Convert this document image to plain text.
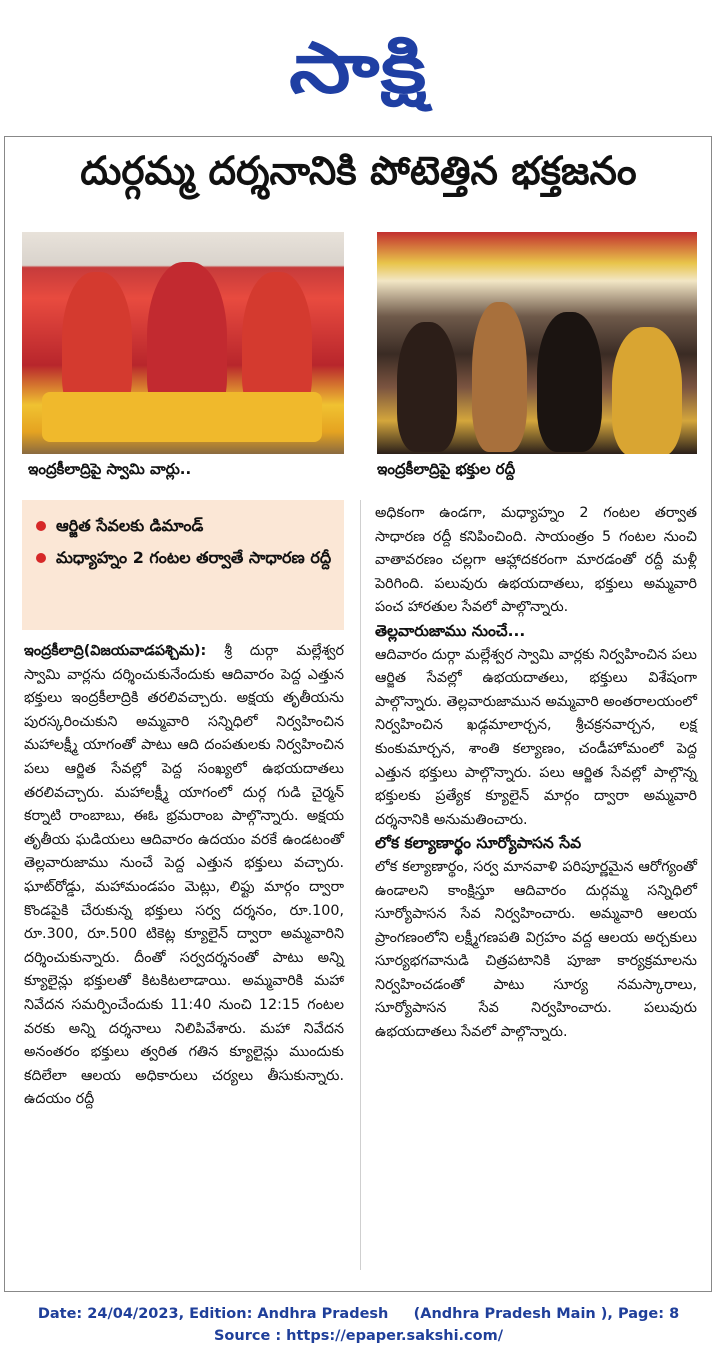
సాక్షి
దుర్గమ్మ దర్శనానికి పోటెత్తిన భక్తజనం
ఇంద్రకీలాద్రిపై స్వామి వార్లు..	ఇంద్రకీలాద్రిపై భక్తుల రద్దీ
ఆర్జిత సేవలకు డిమాండ్
మధ్యాహ్నం 2 గంటల తర్వాతే సాధారణ రద్దీ

ఇంద్రకీలాద్రి(విజయవాడపశ్చిమ): శ్రీ దుర్గా మల్లేశ్వర స్వామి వార్లను దర్శించుకునేందుకు ఆదివారం పెద్ద ఎత్తున భక్తులు ఇంద్రకీలాద్రికి తరలివచ్చారు. అక్షయ తృతీయను పురస్కరించుకుని అమ్మవారి సన్నిధిలో నిర్వహించిన మహాలక్ష్మీ యాగంతో పాటు ఆది దంపతులకు నిర్వహించిన పలు ఆర్జిత సేవల్లో పెద్ద సంఖ్యలో ఉభయదాతలు తరలివచ్చారు. మహాలక్ష్మీ యాగంలో దుర్గ గుడి చైర్మన్ కర్నాటి రాంబాబు, ఈఓ భ్రమరాంబ పాల్గొన్నారు. అక్షయ తృతీయ ఘడియలు ఆదివారం ఉదయం వరకే ఉండటంతో తెల్లవారుజాము నుంచే పెద్ద ఎత్తున భక్తులు వచ్చారు. ఘాట్‌రోడ్డు, మహామండపం మెట్లు, లిఫ్టు మార్గం ద్వారా కొండపైకి చేరుకున్న భక్తులు సర్వ దర్శనం, రూ.100, రూ.300, రూ.500 టికెట్ల క్యూలైన్ ద్వారా అమ్మవారిని దర్శించుకున్నారు. దీంతో సర్వదర్శనంతో పాటు అన్ని క్యూలైన్లు భక్తులతో కిటకిటలాడాయి. అమ్మవారికి మహా నివేదన సమర్పించేందుకు 11:40 నుంచి 12:15 గంటల వరకు అన్ని దర్శనాలు నిలిపివేశారు. మహా నివేదన అనంతరం భక్తులు త్వరిత గతిన క్యూలైన్లు ముందుకు కదిలేలా ఆలయ అధికారులు చర్యలు తీసుకున్నారు. ఉదయం రద్దీ

అధికంగా ఉండగా, మధ్యాహ్నం 2 గంటల తర్వాత సాధారణ రద్దీ కనిపించింది. సాయంత్రం 5 గంటల నుంచి వాతావరణం చల్లగా ఆహ్లాదకరంగా మారడంతో రద్దీ మళ్లీ పెరిగింది. పలువురు ఉభయదాతలు, భక్తులు అమ్మవారి పంచ హారతుల సేవలో పాల్గొన్నారు.

తెల్లవారుజాము నుంచే...

ఆదివారం దుర్గా మల్లేశ్వర స్వామి వార్లకు నిర్వహించిన పలు ఆర్జిత సేవల్లో ఉభయదాతలు, భక్తులు విశేషంగా పాల్గొన్నారు. తెల్లవారుజామున అమ్మవారి అంతరాలయంలో నిర్వహించిన ఖడ్గమాలార్చన, శ్రీచక్రనవార్చన, లక్ష కుంకుమార్చన, శాంతి కల్యాణం, చండీహోమంలో పెద్ద ఎత్తున భక్తులు పాల్గొన్నారు. పలు ఆర్జిత సేవల్లో పాల్గొన్న భక్తులకు ప్రత్యేక క్యూలైన్ మార్గం ద్వారా అమ్మవారి దర్శనానికి అనుమతించారు.

లోక కల్యాణార్థం సూర్యోపాసన సేవ

లోక కల్యాణార్థం, సర్వ మానవాళి పరిపూర్ణమైన ఆరోగ్యంతో ఉండాలని కాంక్షిస్తూ ఆదివారం దుర్గమ్మ సన్నిధిలో సూర్యోపాసన సేవ నిర్వహించారు. అమ్మవారి ఆలయ ప్రాంగణంలోని లక్ష్మీగణపతి విగ్రహం వద్ద ఆలయ అర్చకులు సూర్యభగవానుడి చిత్రపటానికి పూజా కార్యక్రమాలను నిర్వహించడంతో పాటు సూర్య నమస్కారాలు, సూర్యోపాసన సేవ నిర్వహించారు. పలువురు ఉభయదాతలు సేవలో పాల్గొన్నారు.

Date: 24/04/2023, Edition: Andhra Pradesh     (Andhra Pradesh Main ), Page: 8
Source : https://epaper.sakshi.com/
